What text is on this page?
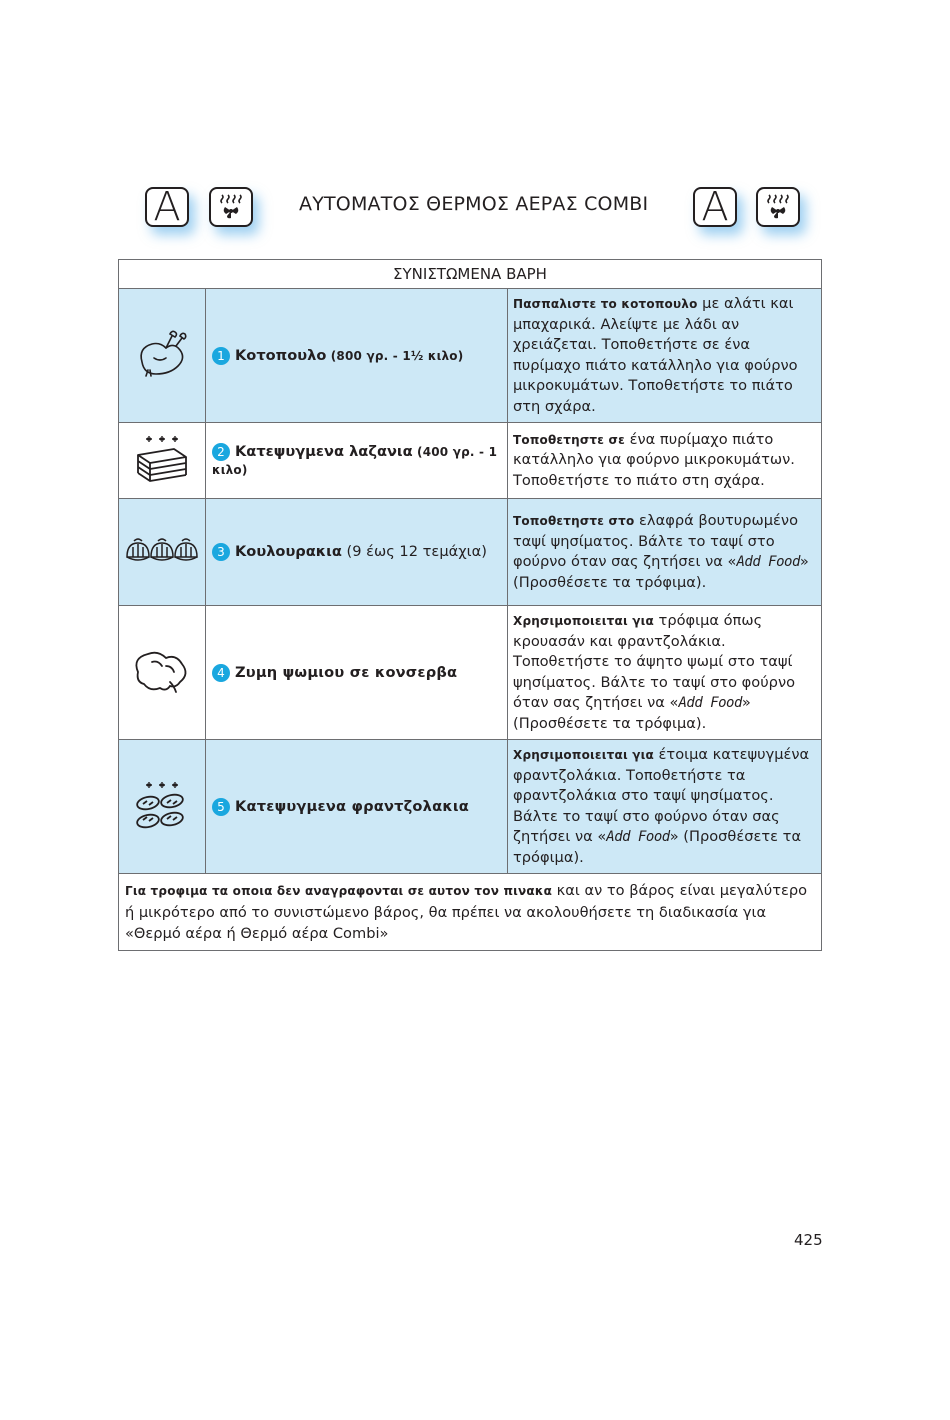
A	ΑΥΤΟΜΑΤΟΣ ΘΕΡΜΟΣ ΑΕΡΑΣ COMBI A
ΣΥΝΙΣΤΩΜΕΝΑ ΒΑΡΗ		
	1 Κοτοπουλο (800 γρ. - 1½ κιλο)	Πασπαλιστε το κοτοπουλο με αλάτι και μπαχαρικά. Αλείψτε με λάδι αν χρειάζεται. Τοποθετήστε σε ένα πυρίμαχο πιάτο κατάλληλο για φούρνο μικροκυμάτων. Τοποθετήστε το πιάτο στη σχάρα.
	2 Κατεψυγμενα λαζανια (400 γρ. - 1 κιλο)	Τοποθετηστε σε ένα πυρίμαχο πιάτο κατάλληλο για φούρνο μικροκυμάτων. Τοποθετήστε το πιάτο στη σχάρα.
	3 Κουλουρακια (9 έως 12 τεμάχια)	Τοποθετηστε στο ελαφρά βουτυρωμένο ταψί ψησίματος. Βάλτε το ταψί στο φούρνο όταν σας ζητήσει να «Add Food» (Προσθέσετε τα τρόφιμα).
	4 Ζυμη ψωμιου σε κονσερβα	Χρησιμοποιειται για τρόφιμα όπως κρουασάν και φραντζολάκια. Τοποθετήστε το άψητο ψωμί στο ταψί ψησίματος. Βάλτε το ταψί στο φούρνο όταν σας ζητήσει να «Add Food» (Προσθέσετε τα τρόφιμα).
	5 Κατεψυγμενα φραντζολακια	Χρησιμοποιειται για έτοιμα κατεψυγμένα φραντζολάκια. Τοποθετήστε τα φραντζολάκια στο ταψί ψησίματος. Βάλτε το ταψί στο φούρνο όταν σας ζητήσει να «Add Food» (Προσθέσετε τα τρόφιμα).
Για τροφιμα τα οποια δεν αναγραφονται σε αυτον τον πινακα και αν το βάρος είναι μεγαλύτερο ή μικρότερο από το συνιστώμενο βάρος, θα πρέπει να ακολουθήσετε τη διαδικασία για «Θερμό αέρα ή Θερμό αέρα Combi»		
425
